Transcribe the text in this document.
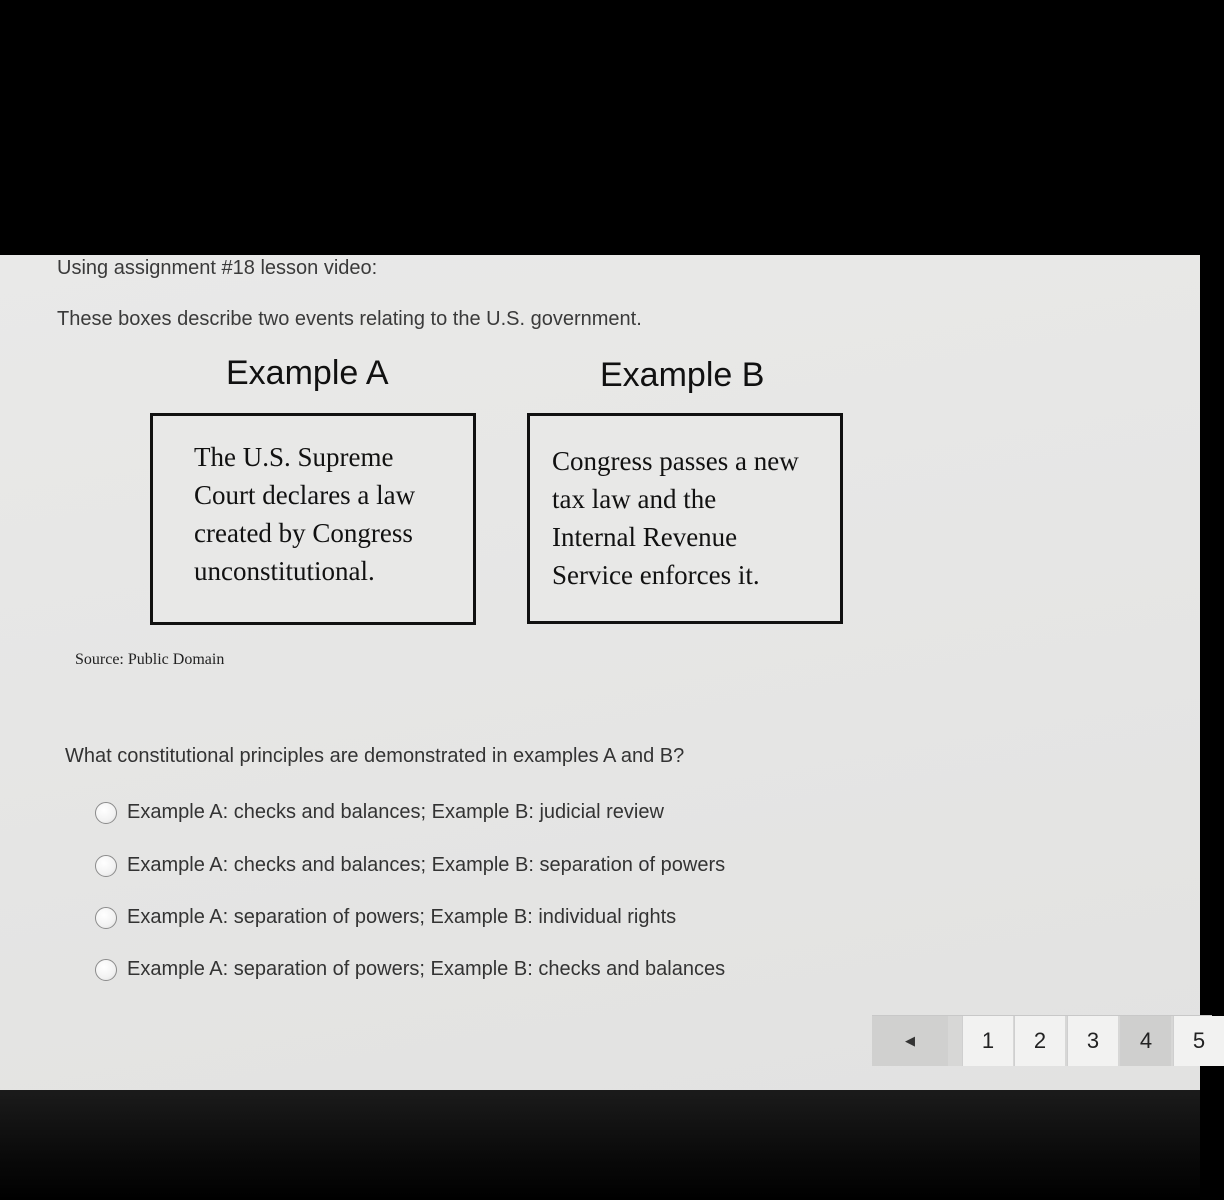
Using assignment #18 lesson video:
These boxes describe two events relating to the U.S. government.
Example A	Example B
The U.S. Supreme
Court declares a law
created by Congress
unconstitutional.
Congress passes a new
tax law and the
Internal Revenue
Service enforces it.
Source: Public Domain
What constitutional principles are demonstrated in examples A and B?
Example A: checks and balances; Example B: judicial review
Example A: checks and balances; Example B: separation of powers
Example A: separation of powers; Example B: individual rights
Example A: separation of powers; Example B: checks and balances
◀	1	2	3	4	5
